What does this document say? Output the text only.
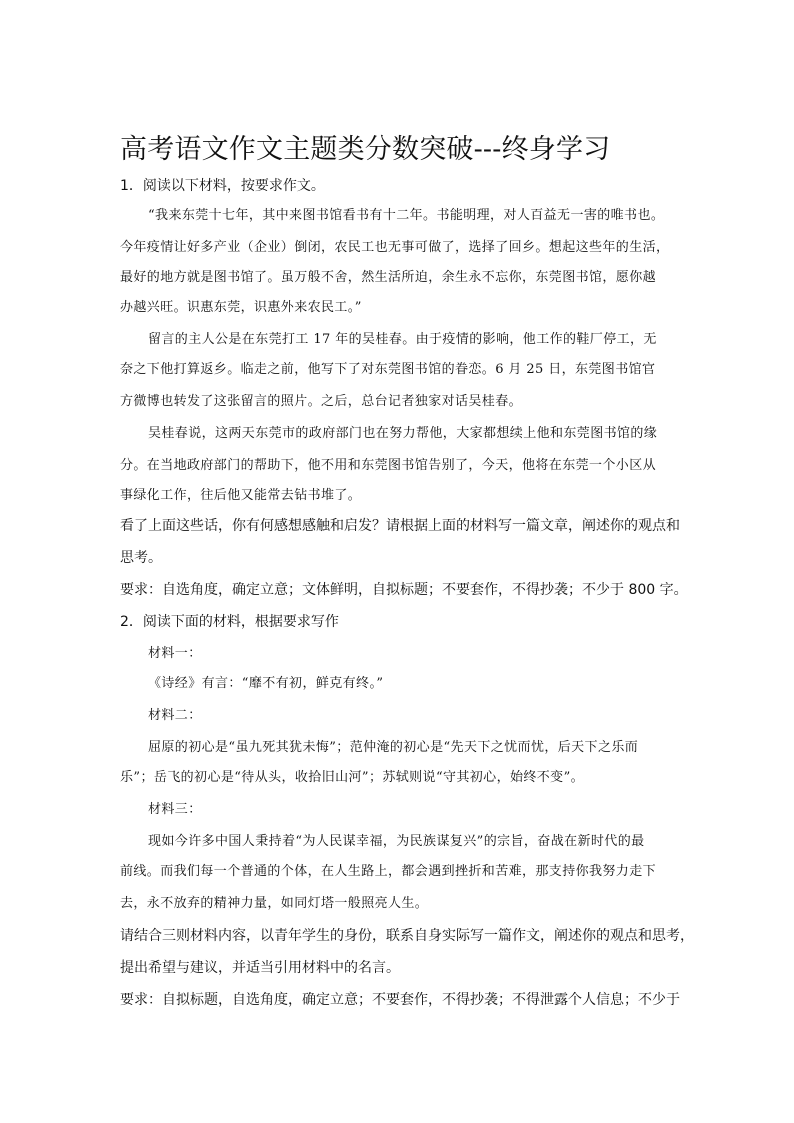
高考语文作文主题类分数突破---终身学习
1．阅读以下材料，按要求作文。
“我来东莞十七年，其中来图书馆看书有十二年。书能明理，对人百益无一害的唯书也。
今年疫情让好多产业（企业）倒闭，农民工也无事可做了，选择了回乡。想起这些年的生活，
最好的地方就是图书馆了。虽万般不舍，然生活所迫，余生永不忘你，东莞图书馆，愿你越
办越兴旺。识惠东莞，识惠外来农民工。”
留言的主人公是在东莞打工 17 年的吴桂春。由于疫情的影响，他工作的鞋厂停工，无
奈之下他打算返乡。临走之前，他写下了对东莞图书馆的眷恋。6 月 25 日，东莞图书馆官
方微博也转发了这张留言的照片。之后，总台记者独家对话吴桂春。
吴桂春说，这两天东莞市的政府部门也在努力帮他，大家都想续上他和东莞图书馆的缘
分。在当地政府部门的帮助下，他不用和东莞图书馆告别了，今天，他将在东莞一个小区从
事绿化工作，往后他又能常去钻书堆了。
看了上面这些话，你有何感想感触和启发？请根据上面的材料写一篇文章，阐述你的观点和
思考。
要求：自选角度，确定立意；文体鲜明，自拟标题；不要套作，不得抄袭；不少于 800 字。
2．阅读下面的材料，根据要求写作
材料一：
《诗经》有言：“靡不有初，鲜克有终。”
材料二：
屈原的初心是“虽九死其犹未悔”；范仲淹的初心是“先天下之忧而忧，后天下之乐而
乐”；岳飞的初心是“待从头，收拾旧山河”；苏轼则说“守其初心，始终不变”。
材料三：
现如今许多中国人秉持着“为人民谋幸福，为民族谋复兴”的宗旨，奋战在新时代的最
前线。而我们每一个普通的个体，在人生路上，都会遇到挫折和苦难，那支持你我努力走下
去，永不放弃的精神力量，如同灯塔一般照亮人生。
请结合三则材料内容，以青年学生的身份，联系自身实际写一篇作文，阐述你的观点和思考，
提出希望与建议，并适当引用材料中的名言。
要求：自拟标题，自选角度，确定立意；不要套作，不得抄袭；不得泄露个人信息；不少于
